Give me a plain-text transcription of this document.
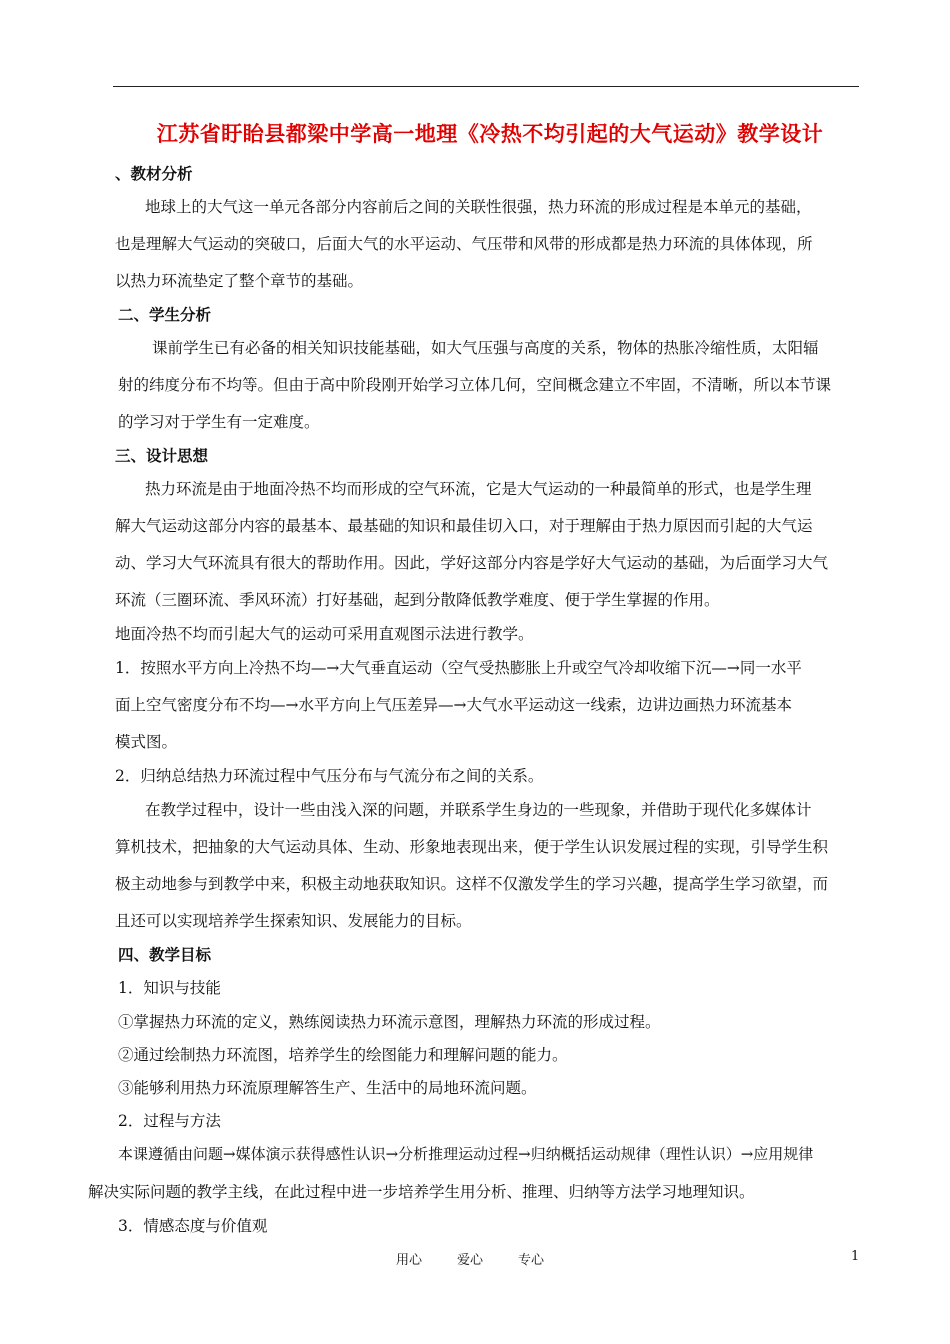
江苏省盱眙县都梁中学高一地理《冷热不均引起的大气运动》教学设计
、教材分析
地球上的大气这一单元各部分内容前后之间的关联性很强，热力环流的形成过程是本单元的基础，
也是理解大气运动的突破口，后面大气的水平运动、气压带和风带的形成都是热力环流的具体体现，所
以热力环流垫定了整个章节的基础。
二、学生分析
课前学生已有必备的相关知识技能基础，如大气压强与高度的关系，物体的热胀冷缩性质，太阳辐
射的纬度分布不均等。但由于高中阶段刚开始学习立体几何，空间概念建立不牢固，不清晰，所以本节课
的学习对于学生有一定难度。
三、设计思想
热力环流是由于地面冷热不均而形成的空气环流，它是大气运动的一种最简单的形式，也是学生理
解大气运动这部分内容的最基本、最基础的知识和最佳切入口，对于理解由于热力原因而引起的大气运
动、学习大气环流具有很大的帮助作用。因此，学好这部分内容是学好大气运动的基础，为后面学习大气
环流（三圈环流、季风环流）打好基础，起到分散降低教学难度、便于学生掌握的作用。
地面冷热不均而引起大气的运动可采用直观图示法进行教学。
1．按照水平方向上冷热不均—→大气垂直运动（空气受热膨胀上升或空气冷却收缩下沉—→同一水平
面上空气密度分布不均—→水平方向上气压差异—→大气水平运动这一线索，边讲边画热力环流基本
模式图。
2．归纳总结热力环流过程中气压分布与气流分布之间的关系。
在教学过程中，设计一些由浅入深的问题，并联系学生身边的一些现象，并借助于现代化多媒体计
算机技术，把抽象的大气运动具体、生动、形象地表现出来，便于学生认识发展过程的实现，引导学生积
极主动地参与到教学中来，积极主动地获取知识。这样不仅激发学生的学习兴趣，提高学生学习欲望，而
且还可以实现培养学生探索知识、发展能力的目标。
四、教学目标
1．知识与技能
①掌握热力环流的定义，熟练阅读热力环流示意图，理解热力环流的形成过程。
②通过绘制热力环流图，培养学生的绘图能力和理解问题的能力。
③能够利用热力环流原理解答生产、生活中的局地环流问题。
2．过程与方法
本课遵循由问题→媒体演示获得感性认识→分析推理运动过程→归纳概括运动规律（理性认识）→应用规律
解决实际问题的教学主线，在此过程中进一步培养学生用分析、推理、归纳等方法学习地理知识。
3．情感态度与价值观
用心	爱心	专心	1
